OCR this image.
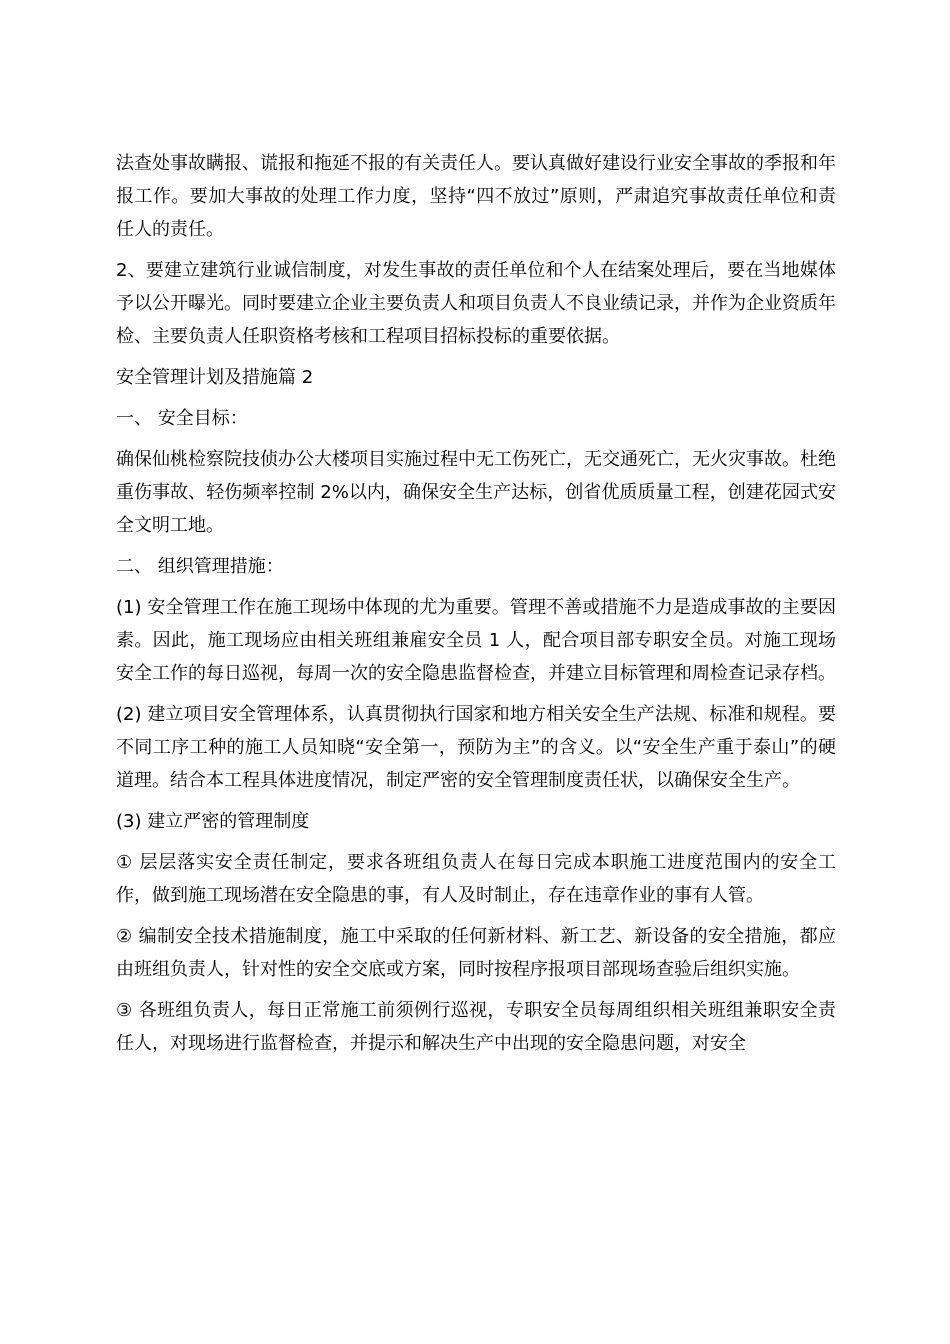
法查处事故瞒报、谎报和拖延不报的有关责任人。要认真做好建设行业安全事故的季报和年报工作。要加大事故的处理工作力度，坚持“四不放过”原则，严肃追究事故责任单位和责任人的责任。

2、要建立建筑行业诚信制度，对发生事故的责任单位和个人在结案处理后，要在当地媒体予以公开曝光。同时要建立企业主要负责人和项目负责人不良业绩记录，并作为企业资质年检、主要负责人任职资格考核和工程项目招标投标的重要依据。

安全管理计划及措施篇 2

一、 安全目标：

确保仙桃检察院技侦办公大楼项目实施过程中无工伤死亡，无交通死亡，无火灾事故。杜绝重伤事故、轻伤频率控制 2%以内，确保安全生产达标，创省优质质量工程，创建花园式安全文明工地。

二、 组织管理措施：

(1) 安全管理工作在施工现场中体现的尤为重要。管理不善或措施不力是造成事故的主要因素。因此，施工现场应由相关班组兼雇安全员 1 人，配合项目部专职安全员。对施工现场安全工作的每日巡视，每周一次的安全隐患监督检查，并建立目标管理和周检查记录存档。

(2) 建立项目安全管理体系，认真贯彻执行国家和地方相关安全生产法规、标准和规程。要不同工序工种的施工人员知晓“安全第一，预防为主”的含义。以“安全生产重于泰山”的硬道理。结合本工程具体进度情况，制定严密的安全管理制度责任状，以确保安全生产。

(3) 建立严密的管理制度

① 层层落实安全责任制定，要求各班组负责人在每日完成本职施工进度范围内的安全工作，做到施工现场潜在安全隐患的事，有人及时制止，存在违章作业的事有人管。

② 编制安全技术措施制度，施工中采取的任何新材料、新工艺、新设备的安全措施，都应由班组负责人，针对性的安全交底或方案，同时按程序报项目部现场查验后组织实施。

③ 各班组负责人，每日正常施工前须例行巡视，专职安全员每周组织相关班组兼职安全责任人，对现场进行监督检查，并提示和解决生产中出现的安全隐患问题，对安全
